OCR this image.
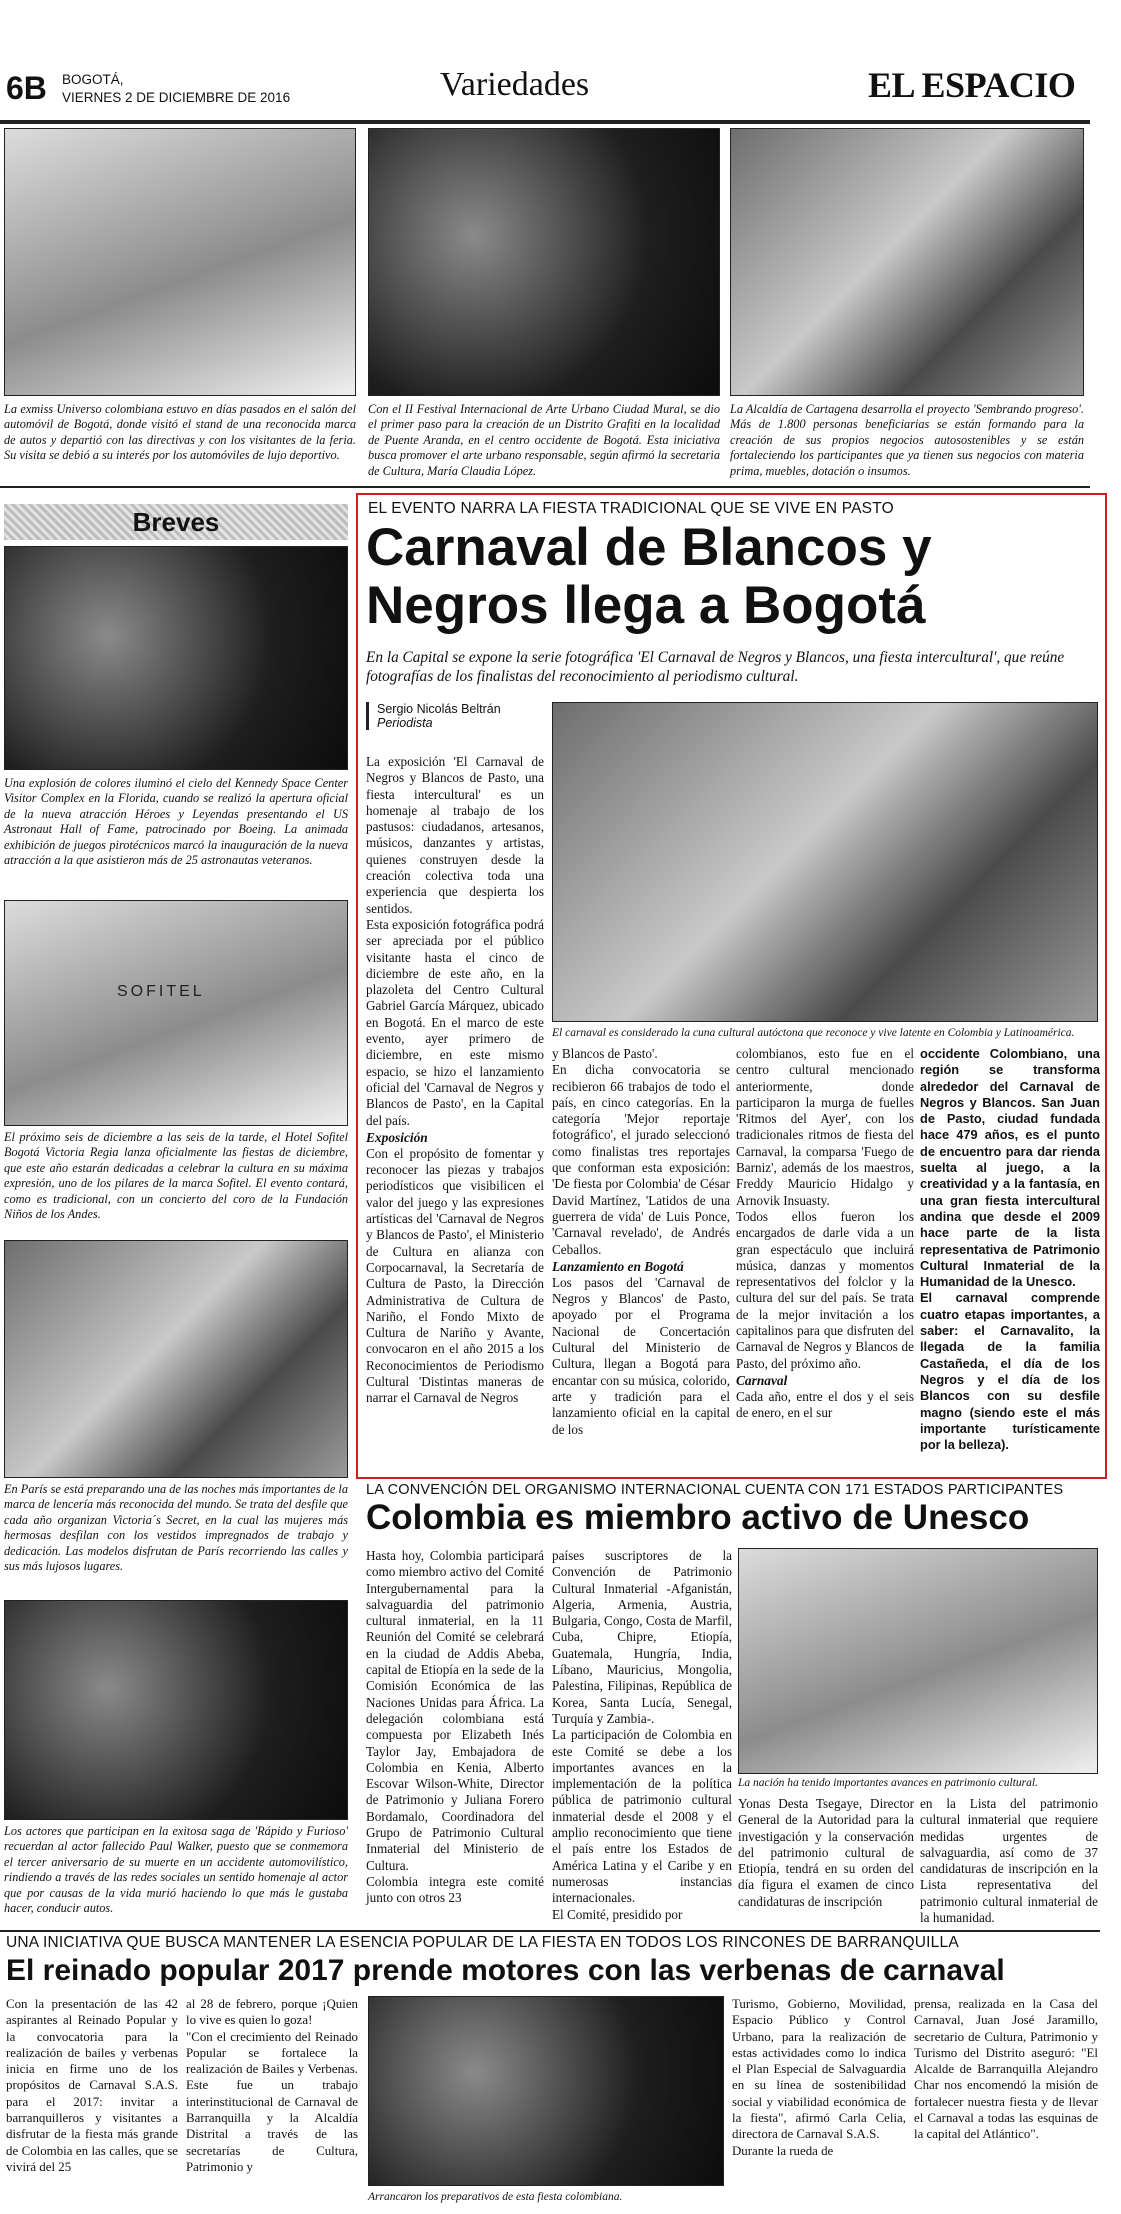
6B BOGOTÁ,
VIERNES 2 DE DICIEMBRE DE 2016	Variedades	EL ESPACIO

La exmiss Universo colombiana estuvo en días pasados en el salón del automóvil de Bogotá, donde visitó el stand de una reconocida marca de autos y departió con las directivas y con los visitantes de la feria. Su visita se debió a su interés por los automóviles de lujo deportivo.

Con el II Festival Internacional de Arte Urbano Ciudad Mural, se dio el primer paso para la creación de un Distrito Grafiti en la localidad de Puente Aranda, en el centro occidente de Bogotá. Esta iniciativa busca promover el arte urbano responsable, según afirmó la secretaria de Cultura, María Claudia López.

La Alcaldía de Cartagena desarrolla el proyecto 'Sembrando progreso'. Más de 1.800 personas beneficiarias se están formando para la creación de sus propios negocios autosostenibles y se están fortaleciendo los participantes que ya tienen sus negocios con materia prima, muebles, dotación o insumos.

Breves

Una explosión de colores iluminó el cielo del Kennedy Space Center Visitor Complex en la Florida, cuando se realizó la apertura oficial de la nueva atracción Héroes y Leyendas presentando el US Astronaut Hall of Fame, patrocinado por Boeing. La animada exhibición de juegos pirotécnicos marcó la inauguración de la nueva atracción a la que asistieron más de 25 astronautas veteranos.

SOFITEL

El próximo seis de diciembre a las seis de la tarde, el Hotel Sofitel Bogotá Victoria Regia lanza oficialmente las fiestas de diciembre, que este año estarán dedicadas a celebrar la cultura en su máxima expresión, uno de los pilares de la marca Sofitel. El evento contará, como es tradicional, con un concierto del coro de la Fundación Niños de los Andes.

En París se está preparando una de las noches más importantes de la marca de lencería más reconocida del mundo. Se trata del desfile que cada año organizan Victoria´s Secret, en la cual las mujeres más hermosas desfilan con los vestidos impregnados de trabajo y dedicación. Las modelos disfrutan de París recorriendo las calles y sus más lujosos lugares.

Los actores que participan en la exitosa saga de 'Rápido y Furioso' recuerdan al actor fallecido Paul Walker, puesto que se conmemora el tercer aniversario de su muerte en un accidente automovilístico, rindiendo a través de las redes sociales un sentido homenaje al actor que por causas de la vida murió haciendo lo que más le gustaba hacer, conducir autos.

EL EVENTO NARRA LA FIESTA TRADICIONAL QUE SE VIVE EN PASTO

Carnaval de Blancos y
Negros llega a Bogotá

En la Capital se expone la serie fotográfica 'El Carnaval de Negros y Blancos, una fiesta intercultural', que reúne fotografías de los finalistas del reconocimiento al periodismo cultural.

Sergio Nicolás Beltrán
Periodista

El carnaval es considerado la cuna cultural autóctona que reconoce y vive latente en Colombia y Latinoamérica.

La exposición 'El Carnaval de Negros y Blancos de Pasto, una fiesta intercultural' es un homenaje al trabajo de los pastusos: ciudadanos, artesanos, músicos, danzantes y artistas, quienes construyen desde la creación colectiva toda una experiencia que despierta los sentidos.

Esta exposición fotográfica podrá ser apreciada por el público visitante hasta el cinco de diciembre de este año, en la plazoleta del Centro Cultural Gabriel García Márquez, ubicado en Bogotá. En el marco de este evento, ayer primero de diciembre, en este mismo espacio, se hizo el lanzamiento oficial del 'Carnaval de Negros y Blancos de Pasto', en la Capital del país.

Exposición

Con el propósito de fomentar y reconocer las piezas y trabajos periodísticos que visibilicen el valor del juego y las expresiones artísticas del 'Carnaval de Negros y Blancos de Pasto', el Ministerio de Cultura en alianza con Corpocarnaval, la Secretaría de Cultura de Pasto, la Dirección Administrativa de Cultura de Nariño, el Fondo Mixto de Cultura de Nariño y Avante, convocaron en el año 2015 a los Reconocimientos de Periodismo Cultural 'Distintas maneras de narrar el Carnaval de Negros

y Blancos de Pasto'.

En dicha convocatoria se recibieron 66 trabajos de todo el país, en cinco categorías. En la categoría 'Mejor reportaje fotográfico', el jurado seleccionó como finalistas tres reportajes que conforman esta exposición: 'De fiesta por Colombia' de César David Martínez, 'Latidos de una guerrera de vida' de Luis Ponce, 'Carnaval revelado', de Andrés Ceballos.

Lanzamiento en Bogotá

Los pasos del 'Carnaval de Negros y Blancos' de Pasto, apoyado por el Programa Nacional de Concertación Cultural del Ministerio de Cultura, llegan a Bogotá para encantar con su música, colorido, arte y tradición para el lanzamiento oficial en la capital de los

colombianos, esto fue en el centro cultural mencionado anteriormente, donde participaron la murga de fuelles 'Ritmos del Ayer', con los tradicionales ritmos de fiesta del Carnaval, la comparsa 'Fuego de Barniz', además de los maestros, Freddy Mauricio Hidalgo y Arnovik Insuasty.

Todos ellos fueron los encargados de darle vida a un gran espectáculo que incluirá música, danzas y momentos representativos del folclor y la cultura del sur del país. Se trata de la mejor invitación a los capitalinos para que disfruten del Carnaval de Negros y Blancos de Pasto, del próximo año.

Carnaval

Cada año, entre el dos y el seis de enero, en el sur

occidente Colombiano, una región se transforma alrededor del Carnaval de Negros y Blancos. San Juan de Pasto, ciudad fundada hace 479 años, es el punto de encuentro para dar rienda suelta al juego, a la creatividad y a la fantasía, en una gran fiesta intercultural andina que desde el 2009 hace parte de la lista representativa de Patrimonio Cultural Inmaterial de la Humanidad de la Unesco.

El carnaval comprende cuatro etapas importantes, a saber: el Carnavalito, la llegada de la familia Castañeda, el día de los Negros y el día de los Blancos con su desfile magno (siendo este el más importante turísticamente por la belleza).

LA CONVENCIÓN DEL ORGANISMO INTERNACIONAL CUENTA CON 171 ESTADOS PARTICIPANTES

Colombia es miembro activo de Unesco

Hasta hoy, Colombia participará como miembro activo del Comité Intergubernamental para la salvaguardia del patrimonio cultural inmaterial, en la 11 Reunión del Comité se celebrará en la ciudad de Addis Abeba, capital de Etiopía en la sede de la Comisión Económica de las Naciones Unidas para África. La delegación colombiana está compuesta por Elizabeth Inés Taylor Jay, Embajadora de Colombia en Kenia, Alberto Escovar Wilson-White, Director de Patrimonio y Juliana Forero Bordamalo, Coordinadora del Grupo de Patrimonio Cultural Inmaterial del Ministerio de Cultura.

Colombia integra este comité junto con otros 23

países suscriptores de la Convención de Patrimonio Cultural Inmaterial -Afganistán, Algeria, Armenia, Austria, Bulgaria, Congo, Costa de Marfil, Cuba, Chipre, Etiopía, Guatemala, Hungría, India, Líbano, Mauricius, Mongolia, Palestina, Filipinas, República de Korea, Santa Lucía, Senegal, Turquía y Zambia-.

La participación de Colombia en este Comité se debe a los importantes avances en la implementación de la política pública de patrimonio cultural inmaterial desde el 2008 y el amplio reconocimiento que tiene el país entre los Estados de América Latina y el Caribe y en numerosas instancias internacionales.

El Comité, presidido por

La nación ha tenido importantes avances en patrimonio cultural.

Yonas Desta Tsegaye, Director General de la Autoridad para la investigación y la conservación del patrimonio cultural de Etiopía, tendrá en su orden del día figura el examen de cinco candidaturas de inscripción

en la Lista del patrimonio cultural inmaterial que requiere medidas urgentes de salvaguardia, así como de 37 candidaturas de inscripción en la Lista representativa del patrimonio cultural inmaterial de la humanidad.

UNA INICIATIVA QUE BUSCA MANTENER LA ESENCIA POPULAR DE LA FIESTA EN TODOS LOS RINCONES DE BARRANQUILLA

El reinado popular 2017 prende motores con las verbenas de carnaval

Con la presentación de las 42 aspirantes al Reinado Popular y la convocatoria para la realización de bailes y verbenas inicia en firme uno de los propósitos de Carnaval S.A.S. para el 2017: invitar a barranquilleros y visitantes a disfrutar de la fiesta más grande de Colombia en las calles, que se vivirá del 25

al 28 de febrero, porque ¡Quien lo vive es quien lo goza!

"Con el crecimiento del Reinado Popular se fortalece la realización de Bailes y Verbenas. Este fue un trabajo interinstitucional de Carnaval de Barranquilla y la Alcaldía Distrital a través de las secretarías de Cultura, Patrimonio y

Arrancaron los preparativos de esta fiesta colombiana.

Turismo, Gobierno, Movilidad, Espacio Público y Control Urbano, para la realización de estas actividades como lo indica el Plan Especial de Salvaguardia en su línea de sostenibilidad social y viabilidad económica de la fiesta", afirmó Carla Celia, directora de Carnaval S.A.S.

Durante la rueda de

prensa, realizada en la Casa del Carnaval, Juan José Jaramillo, secretario de Cultura, Patrimonio y Turismo del Distrito aseguró: "El Alcalde de Barranquilla Alejandro Char nos encomendó la misión de fortalecer nuestra fiesta y de llevar el Carnaval a todas las esquinas de la capital del Atlántico".
